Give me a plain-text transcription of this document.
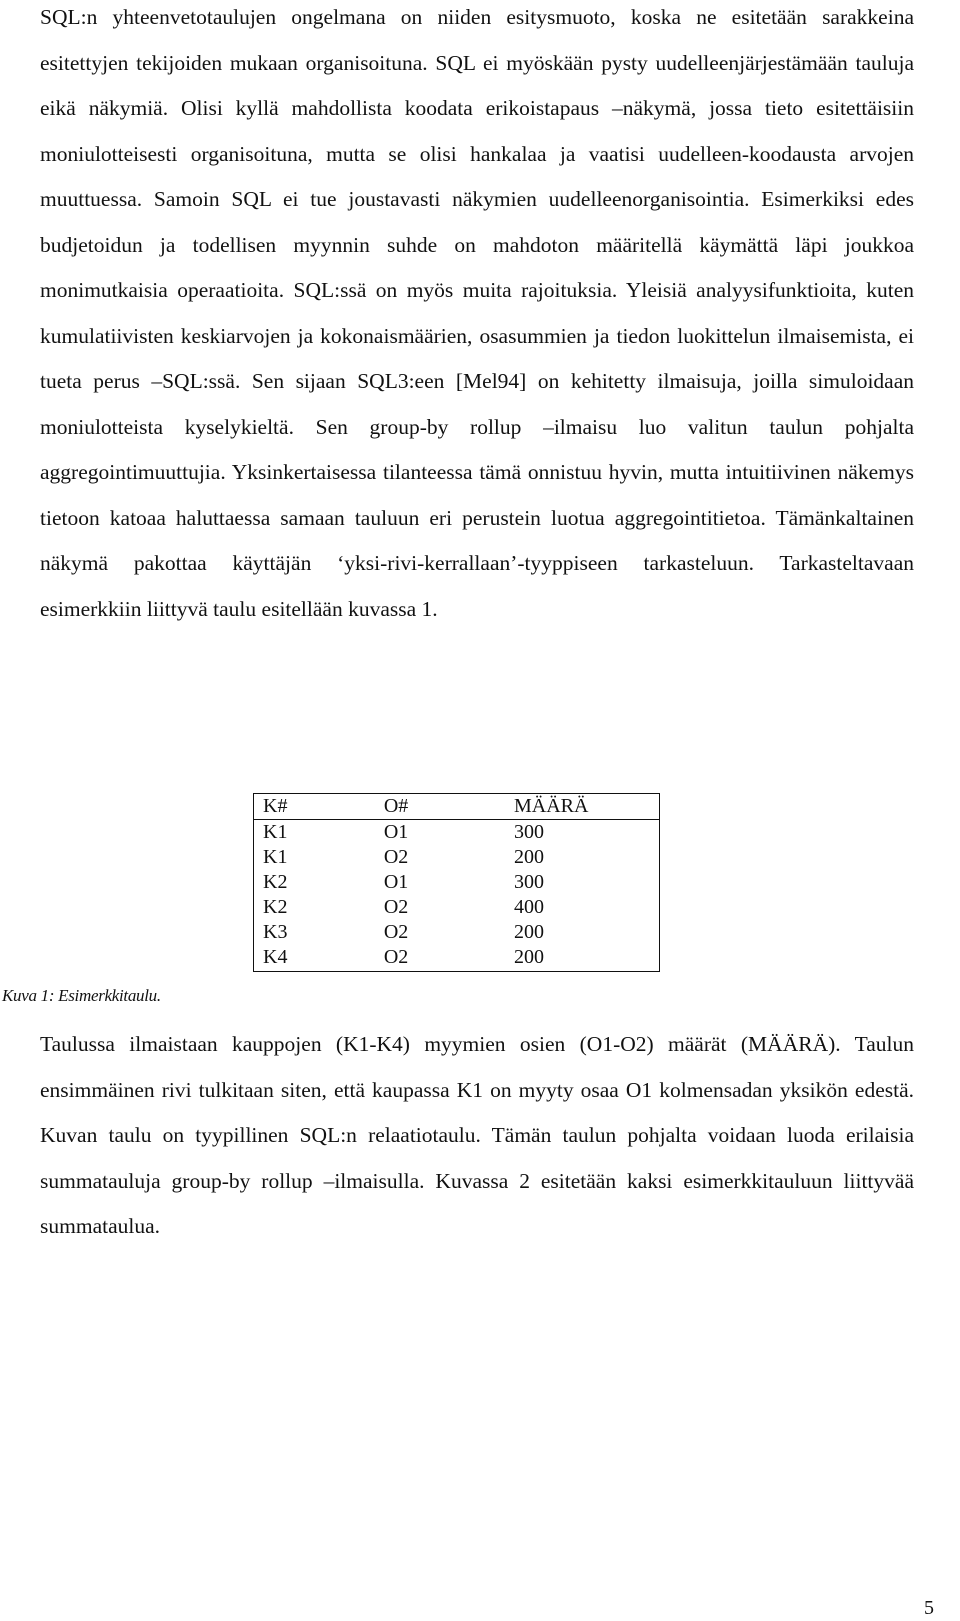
SQL:n yhteenvetotaulujen ongelmana on niiden esitysmuoto, koska ne esitetään sarakkeina esitettyjen tekijoiden mukaan organisoituna. SQL ei myöskään pysty uudelleenjärjestämään tauluja eikä näkymiä. Olisi kyllä mahdollista koodata erikoistapaus –näkymä, jossa tieto esitettäisiin moniulotteisesti organisoituna, mutta se olisi hankalaa ja vaatisi uudelleen-koodausta arvojen muuttuessa. Samoin SQL ei tue joustavasti näkymien uudelleenorganisointia. Esimerkiksi edes budjetoidun ja todellisen myynnin suhde on mahdoton määritellä käymättä läpi joukkoa monimutkaisia operaatioita. SQL:ssä on myös muita rajoituksia. Yleisiä analyysifunktioita, kuten kumulatiivisten keskiarvojen ja kokonaismäärien, osasummien ja tiedon luokittelun ilmaisemista, ei tueta perus –SQL:ssä. Sen sijaan SQL3:een [Mel94] on kehitetty ilmaisuja, joilla simuloidaan moniulotteista kyselykieltä. Sen group-by rollup –ilmaisu luo valitun taulun pohjalta aggregointimuuttujia. Yksinkertaisessa tilanteessa tämä onnistuu hyvin, mutta intuitiivinen näkemys tietoon katoaa haluttaessa samaan tauluun eri perustein luotua aggregointitietoa. Tämänkaltainen näkymä pakottaa käyttäjän ‘yksi-rivi-kerrallaan’-tyyppiseen tarkasteluun. Tarkasteltavaan esimerkkiin liittyvä taulu esitellään kuvassa 1.

K#	O#	MÄÄRÄ
K1	O1	300
K1	O2	200
K2	O1	300
K2	O2	400
K3	O2	200
K4	O2	200
Kuva 1: Esimerkkitaulu.

Taulussa ilmaistaan kauppojen (K1-K4) myymien osien (O1-O2) määrät (MÄÄRÄ). Taulun ensimmäinen rivi tulkitaan siten, että kaupassa K1 on myyty osaa O1 kolmensadan yksikön edestä. Kuvan taulu on tyypillinen SQL:n relaatiotaulu. Tämän taulun pohjalta voidaan luoda erilaisia summatauluja group-by rollup –ilmaisulla. Kuvassa 2 esitetään kaksi esimerkkitauluun liittyvää summataulua.

5
